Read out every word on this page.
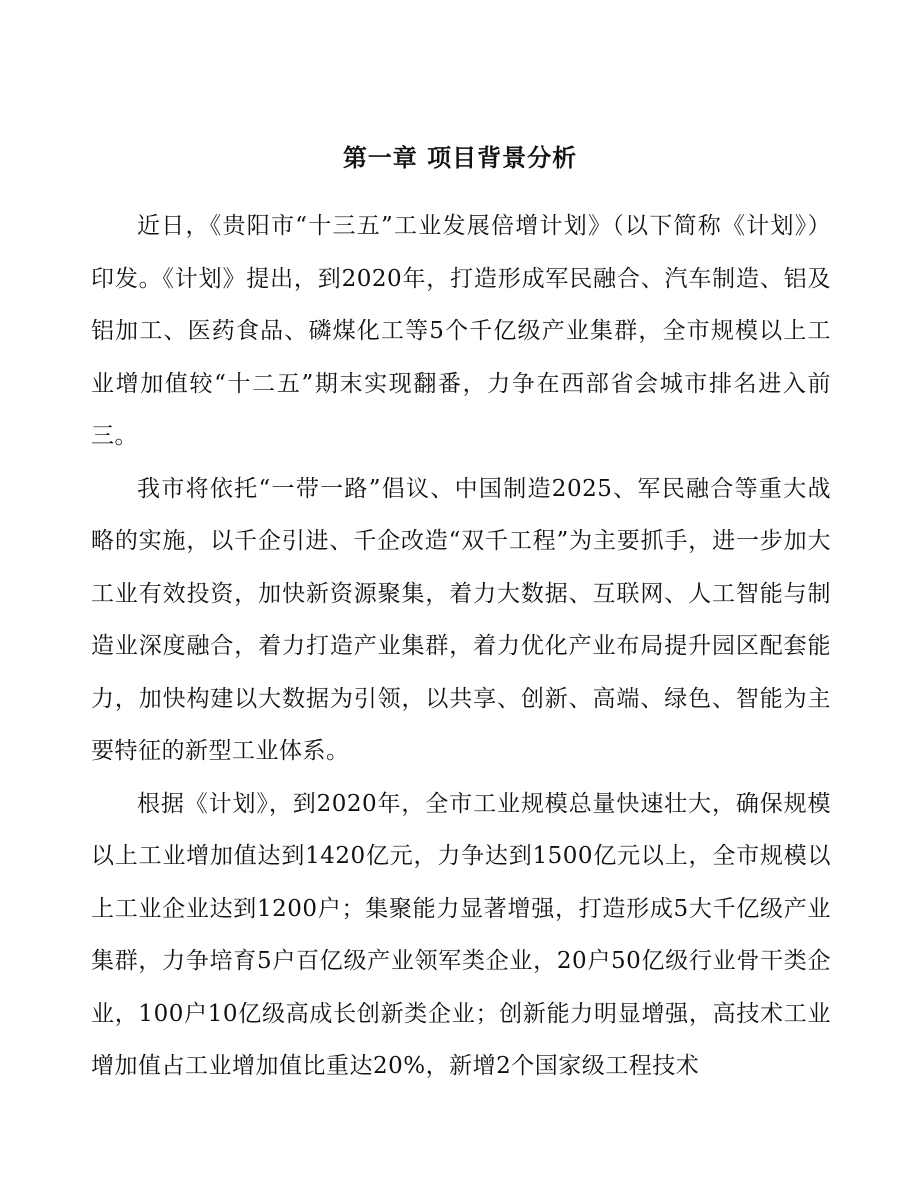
第一章 项目背景分析

近日，《贵阳市“十三五”工业发展倍增计划》（以下简称《计划》）印发。《计划》提出，到2020年，打造形成军民融合、汽车制造、铝及铝加工、医药食品、磷煤化工等5个千亿级产业集群，全市规模以上工业增加值较“十二五”期末实现翻番，力争在西部省会城市排名进入前三。

我市将依托“一带一路”倡议、中国制造2025、军民融合等重大战略的实施，以千企引进、千企改造“双千工程”为主要抓手，进一步加大工业有效投资，加快新资源聚集，着力大数据、互联网、人工智能与制造业深度融合，着力打造产业集群，着力优化产业布局提升园区配套能力，加快构建以大数据为引领，以共享、创新、高端、绿色、智能为主要特征的新型工业体系。

根据《计划》，到2020年，全市工业规模总量快速壮大，确保规模以上工业增加值达到1420亿元，力争达到1500亿元以上，全市规模以上工业企业达到1200户；集聚能力显著增强，打造形成5大千亿级产业集群，力争培育5户百亿级产业领军类企业，20户50亿级行业骨干类企业，100户10亿级高成长创新类企业；创新能力明显增强，高技术工业增加值占工业增加值比重达20%，新增2个国家级工程技术
